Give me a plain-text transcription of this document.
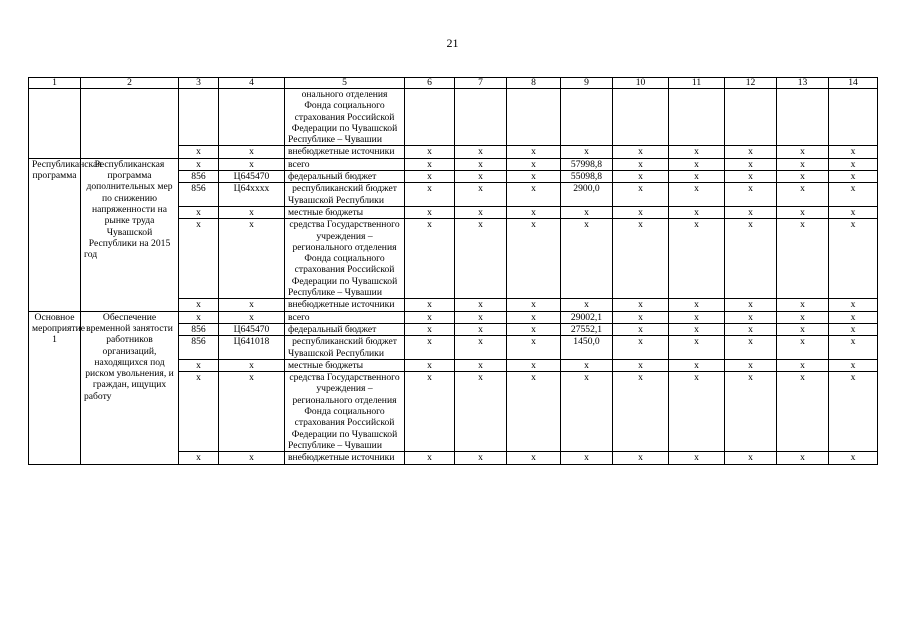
21
1	2	3	4	5	6	7	8	9	10	11	12	13	14
				онального отделения Фонда социального страхования Российской Федерации по Чувашской Республике – Чувашии									
		x	x	внебюджетные источники	x	x	x	x	x	x	x	x	x
Республиканская программа	Республиканская программа дополнительных мер по снижению напряженности на рынке труда Чувашской Республики на 2015 год	x	x	всего	x	x	x	57998,8	x	x	x	x	x
		856	Ц645470	федеральный бюджет	x	x	x	55098,8	x	x	x	x	x
		856	Ц64xxxx	республиканский бюджет Чувашской Республики	x	x	x	2900,0	x	x	x	x	x
		x	x	местные бюджеты	x	x	x	x	x	x	x	x	x
		x	x	средства Государственного учреждения – регионального отделения Фонда социального страхования Российской Федерации по Чувашской Республике – Чувашии	x	x	x	x	x	x	x	x	x
		x	x	внебюджетные источники	x	x	x	x	x	x	x	x	x
Основное мероприятие 1	Обеспечение временной занятости работников организаций, находящихся под риском увольнения, и граждан, ищущих работу	x	x	всего	x	x	x	29002,1	x	x	x	x	x
		856	Ц645470	федеральный бюджет	x	x	x	27552,1	x	x	x	x	x
		856	Ц641018	республиканский бюджет Чувашской Республики	x	x	x	1450,0	x	x	x	x	x
		x	x	местные бюджеты	x	x	x	x	x	x	x	x	x
		x	x	средства Государственного учреждения – регионального отделения Фонда социального страхования Российской Федерации по Чувашской Республике – Чувашии	x	x	x	x	x	x	x	x	x
		x	x	внебюджетные источники	x	x	x	x	x	x	x	x	x
